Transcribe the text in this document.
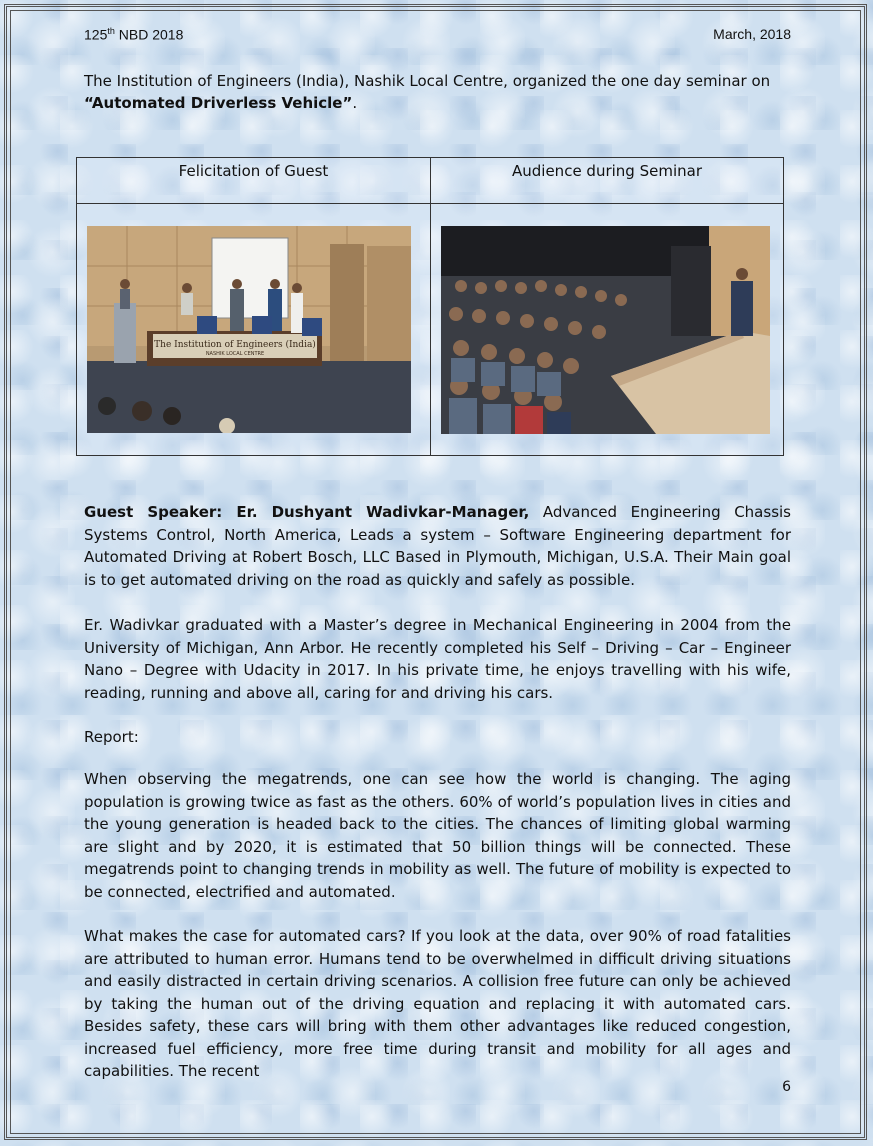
125th NBD 2018	March, 2018
The Institution of Engineers (India), Nashik Local Centre, organized the one day seminar on “Automated Driverless Vehicle”.
Felicitation of Guest	Audience during Seminar
The Institution of Engineers (India)
NASHIK LOCAL CENTRE

Guest Speaker: Er. Dushyant Wadivkar-Manager, Advanced Engineering Chassis Systems Control, North America, Leads a system – Software Engineering department for Automated Driving at Robert Bosch, LLC Based in Plymouth, Michigan, U.S.A. Their Main goal is to get automated driving on the road as quickly and safely as possible.

Er. Wadivkar graduated with a Master’s degree in Mechanical Engineering in 2004 from the University of Michigan, Ann Arbor. He recently completed his Self – Driving – Car – Engineer Nano – Degree with Udacity in 2017. In his private time, he enjoys travelling with his wife, reading, running and above all, caring for and driving his cars.

Report:

When observing the megatrends, one can see how the world is changing. The aging population is growing twice as fast as the others. 60% of world’s population lives in cities and the young generation is headed back to the cities. The chances of limiting global warming are slight and by 2020, it is estimated that 50 billion things will be connected. These megatrends point to changing trends in mobility as well. The future of mobility is expected to be connected, electrified and automated.

What makes the case for automated cars? If you look at the data, over 90% of road fatalities are attributed to human error. Humans tend to be overwhelmed in difficult driving situations and easily distracted in certain driving scenarios. A collision free future can only be achieved by taking the human out of the driving equation and replacing it with automated cars. Besides safety, these cars will bring with them other advantages like reduced congestion, increased fuel efficiency, more free time during transit and mobility for all ages and capabilities. The recent

6
